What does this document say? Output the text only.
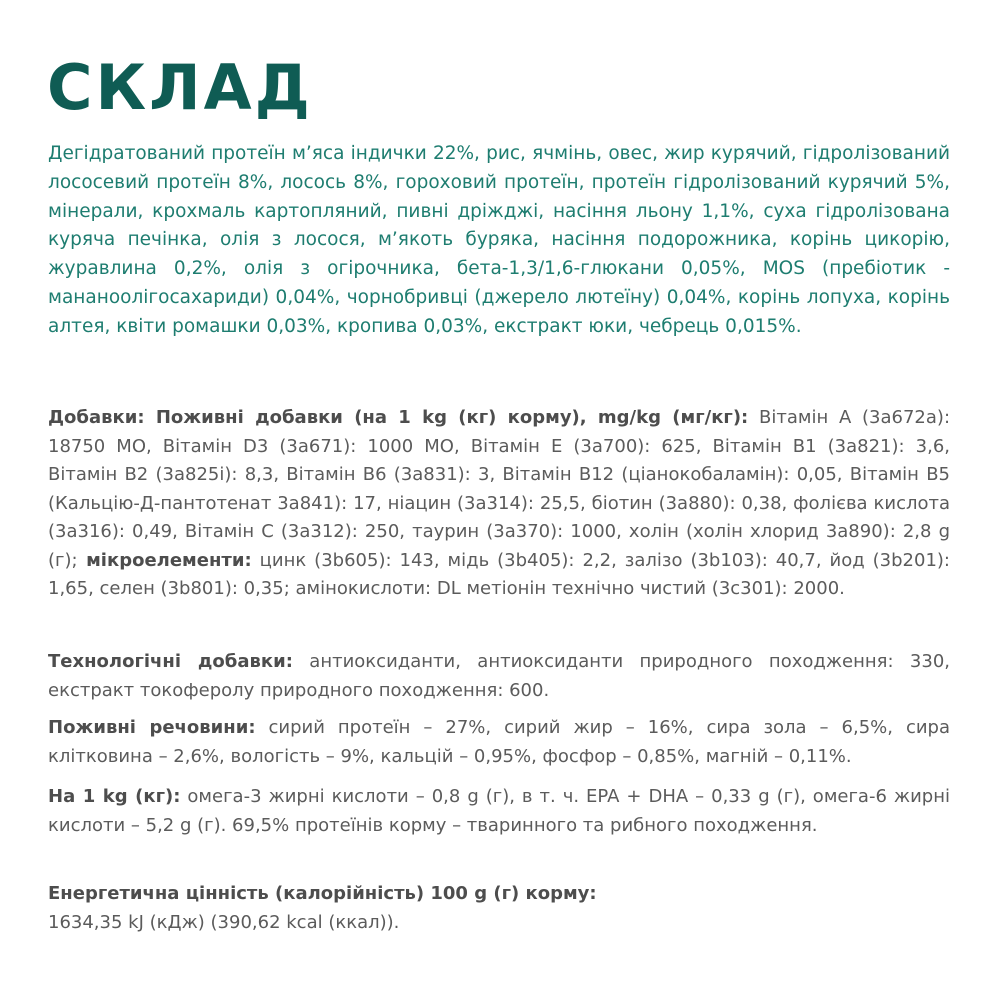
СКЛАД

Дегідратований протеїн м’яса індички 22%, рис, ячмінь, овес, жир курячий, гідролізований лососевий протеїн 8%, лосось 8%, гороховий протеїн, протеїн гідролізований курячий 5%, мінерали, крохмаль картопляний, пивні дріжджі, насіння льону 1,1%, суха гідролізована куряча печінка, олія з лосося, м’якоть буряка, насіння подорожника, корінь цикорію, журавлина 0,2%, олія з огірочника, бета-1,3/1,6-глюкани 0,05%, MOS (пребіотик - мананоолігосахариди) 0,04%, чорнобривці (джерело лютеїну) 0,04%, корінь лопуха, корінь алтея, квіти ромашки 0,03%, кропива 0,03%, екстракт юки, чебрець 0,015%.

Добавки: Поживні добавки (на 1 kg (кг) корму), mg/kg (мг/кг): Вітамін A (3a672a): 18750 МО, Вітамін D3 (3a671): 1000 МО, Вітамін E (3a700): 625, Вітамін B1 (3a821): 3,6, Вітамін B2 (3a825i): 8,3, Вітамін B6 (3a831): 3, Вітамін B12 (ціанокобаламін): 0,05, Вітамін B5 (Кальцію-Д-пантотенат 3a841): 17, ніацин (3a314): 25,5, біотин (3a880): 0,38, фолієва кислота (3a316): 0,49, Вітамін C (3a312): 250, таурин (3a370): 1000, холін (холін хлорид 3a890): 2,8 g (г); мікроелементи: цинк (3b605): 143, мідь (3b405): 2,2, залізо (3b103): 40,7, йод (3b201): 1,65, селен (3b801): 0,35; амінокислоти: DL метіонін технічно чистий (3c301): 2000.

Технологічні добавки: антиоксиданти, антиоксиданти природного походження: 330, екстракт токоферолу природного походження: 600.

Поживні речовини: сирий протеїн – 27%, сирий жир – 16%, сира зола – 6,5%, сира клітковина – 2,6%, вологість – 9%, кальцій – 0,95%, фосфор – 0,85%, магній – 0,11%.

На 1 kg (кг): омега-3 жирні кислоти – 0,8 g (г), в т. ч. EPA + DHA – 0,33 g (г), омега-6 жирні кислоти – 5,2 g (г). 69,5% протеїнів корму – тваринного та рибного походження.

Енергетична цінність (калорійність) 100 g (г) корму:
1634,35 kJ (кДж) (390,62 kcal (ккал)).
